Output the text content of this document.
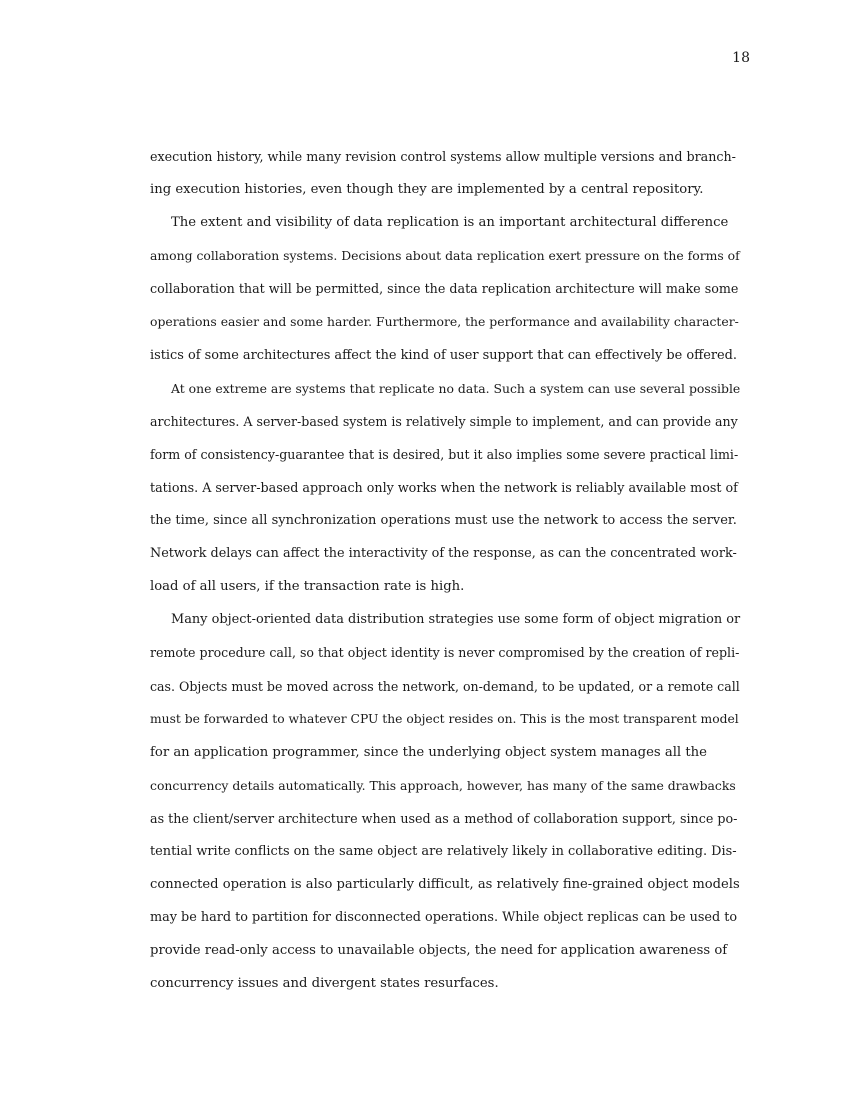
18
execution history, while many revision control systems allow multiple versions and branch-
ing execution histories, even though they are implemented by a central repository.
The extent and visibility of data replication is an important architectural difference
among collaboration systems. Decisions about data replication exert pressure on the forms of
collaboration that will be permitted, since the data replication architecture will make some
operations easier and some harder. Furthermore, the performance and availability character-
istics of some architectures affect the kind of user support that can effectively be offered.
At one extreme are systems that replicate no data. Such a system can use several possible
architectures. A server-based system is relatively simple to implement, and can provide any
form of consistency-guarantee that is desired, but it also implies some severe practical limi-
tations. A server-based approach only works when the network is reliably available most of
the time, since all synchronization operations must use the network to access the server.
Network delays can affect the interactivity of the response, as can the concentrated work-
load of all users, if the transaction rate is high.
Many object-oriented data distribution strategies use some form of object migration or
remote procedure call, so that object identity is never compromised by the creation of repli-
cas. Objects must be moved across the network, on-demand, to be updated, or a remote call
must be forwarded to whatever CPU the object resides on. This is the most transparent model
for an application programmer, since the underlying object system manages all the
concurrency details automatically. This approach, however, has many of the same drawbacks
as the client/server architecture when used as a method of collaboration support, since po-
tential write conflicts on the same object are relatively likely in collaborative editing. Dis-
connected operation is also particularly difficult, as relatively fine-grained object models
may be hard to partition for disconnected operations. While object replicas can be used to
provide read-only access to unavailable objects, the need for application awareness of
concurrency issues and divergent states resurfaces.
